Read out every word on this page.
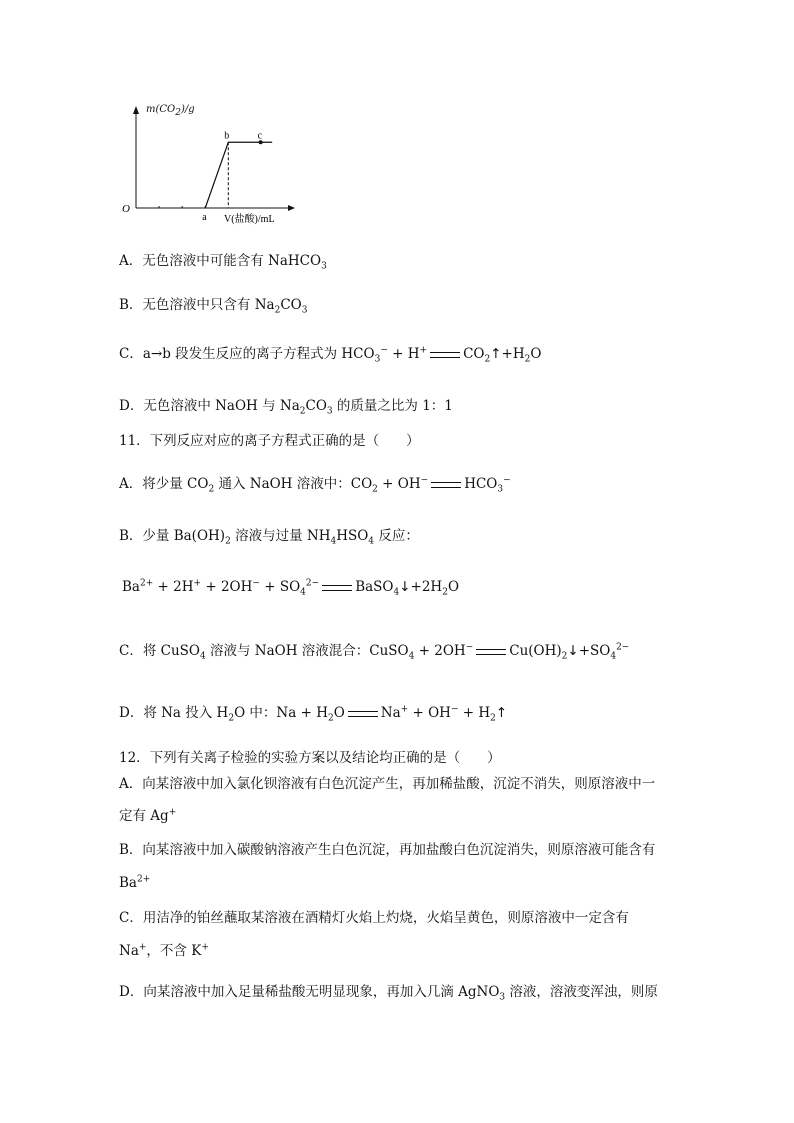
O
a
b	c
V(盐酸)/mL
$m(CO_2)/g$
A．无色溶液中可能含有 NaHCO$_3$
B．无色溶液中只含有 $Na_2CO_3$
C．a→b 段发生反应的离子方程式为 $HCO_3^- + H^+$	$CO_2↑+H_2O$
D．无色溶液中 NaOH 与 $Na_2CO_3$ 的质量之比为 1：1
11．下列反应对应的离子方程式正确的是（　　）
A．将少量 $CO_2$ 通入 NaOH 溶液中：$CO_2 + OH^-$	$HCO_3^-$
B．少量 $Ba(OH)_2$ 溶液与过量 $NH_4HSO_4$ 反应：
$Ba^{2+} + 2H^+ + 2OH^- + SO_4^{2-}$	$BaSO_4↓+2H_2O$
C．将 CuSO$_4$ 溶液与 NaOH 溶液混合：CuSO$_4$ + 2OH−	$Cu(OH)_2↓+SO_4^{2-}$
D．将 Na 投入 $H_2O$ 中：$Na + H_2O$	$Na^+ + OH^- + H_2↑$
12．下列有关离子检验的实验方案以及结论均正确的是（　　）
A．向某溶液中加入氯化钡溶液有白色沉淀产生，再加稀盐酸，沉淀不消失，则原溶液中一
定有 Ag+
B．向某溶液中加入碳酸钠溶液产生白色沉淀，再加盐酸白色沉淀消失，则原溶液可能含有
$Ba^{2+}$
C．用洁净的铂丝蘸取某溶液在酒精灯火焰上灼烧，火焰呈黄色，则原溶液中一定含有
Na+，不含 K+
D．向某溶液中加入足量稀盐酸无明显现象，再加入几滴 AgNO$_3$ 溶液，溶液变浑浊，则原
